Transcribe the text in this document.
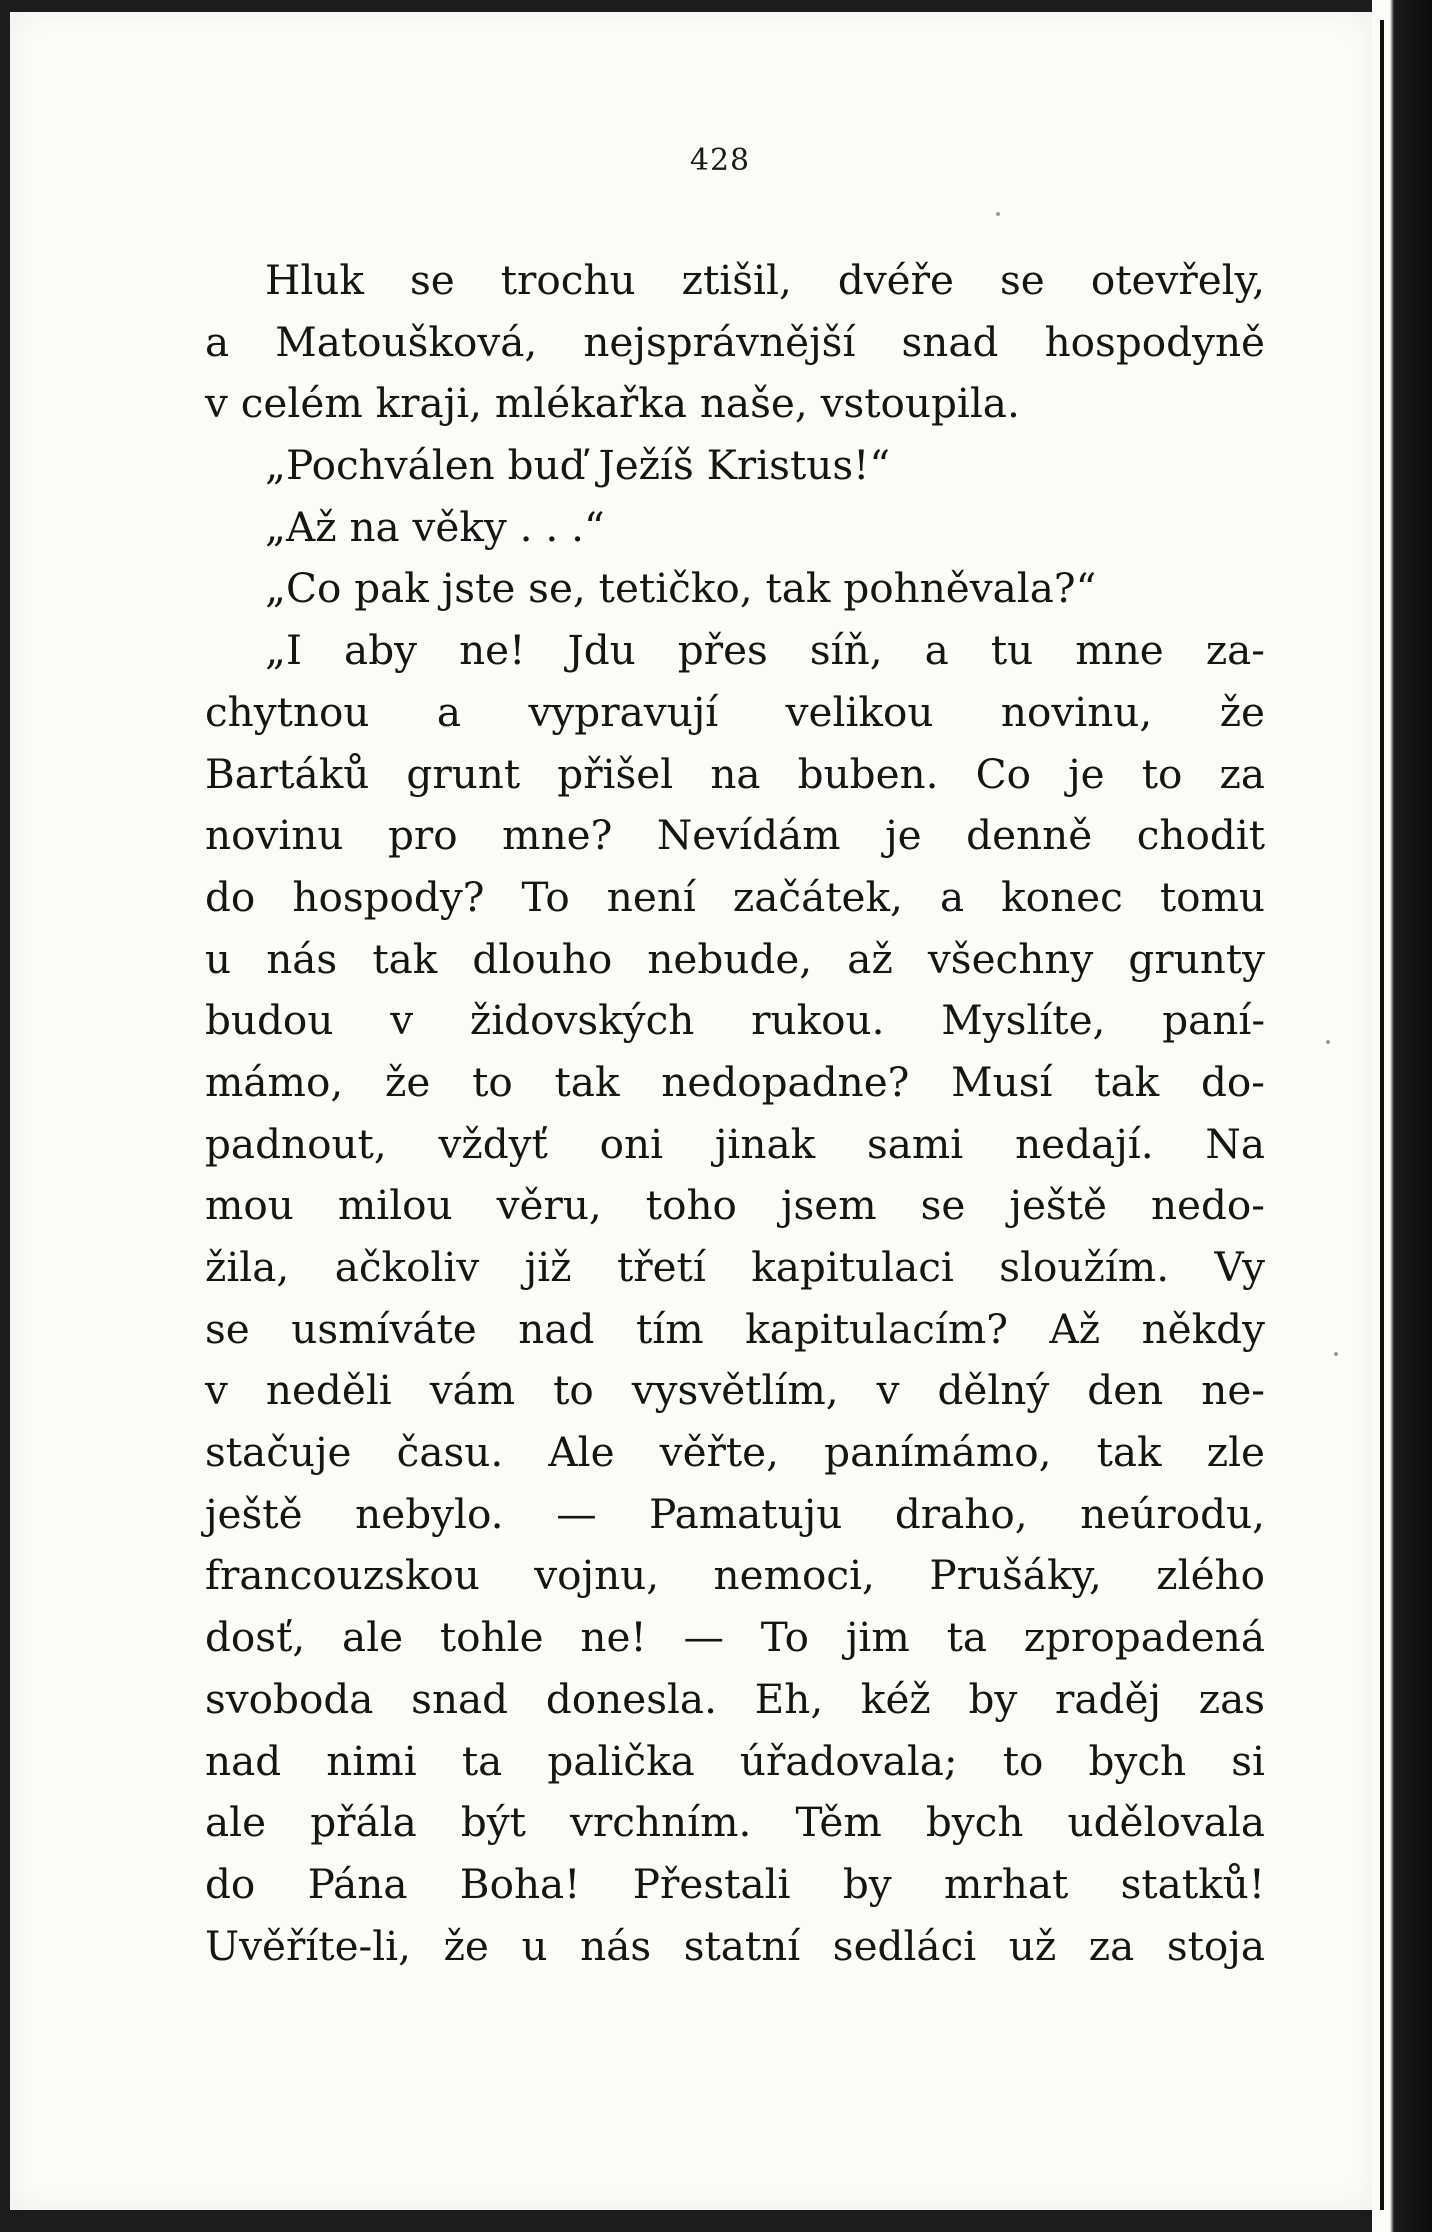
428
Hluk se trochu ztišil, dvéře se otevřely,
a Matoušková, nejsprávnější snad hospodyně
v celém kraji, mlékařka naše, vstoupila.
„Pochválen buď Ježíš Kristus!“
„Až na věky . . .“
„Co pak jste se, tetičko, tak pohněvala?“
„I aby ne! Jdu přes síň, a tu mne za-
chytnou a vypravují velikou novinu, že
Bartáků grunt přišel na buben. Co je to za
novinu pro mne? Nevídám je denně chodit
do hospody? To není začátek, a konec tomu
u nás tak dlouho nebude, až všechny grunty
budou v židovských rukou. Myslíte, paní-
mámo, že to tak nedopadne? Musí tak do-
padnout, vždyť oni jinak sami nedají. Na
mou milou věru, toho jsem se ještě nedo-
žila, ačkoliv již třetí kapitulaci sloužím. Vy
se usmíváte nad tím kapitulacím? Až někdy
v neděli vám to vysvětlím, v dělný den ne-
stačuje času. Ale věřte, panímámo, tak zle
ještě nebylo. — Pamatuju draho, neúrodu,
francouzskou vojnu, nemoci, Prušáky, zlého
dosť, ale tohle ne! — To jim ta zpropadená
svoboda snad donesla. Eh, kéž by raděj zas
nad nimi ta palička úřadovala; to bych si
ale přála být vrchním. Těm bych udělovala
do Pána Boha! Přestali by mrhat statků!
Uvěříte-li, že u nás statní sedláci už za stoja
